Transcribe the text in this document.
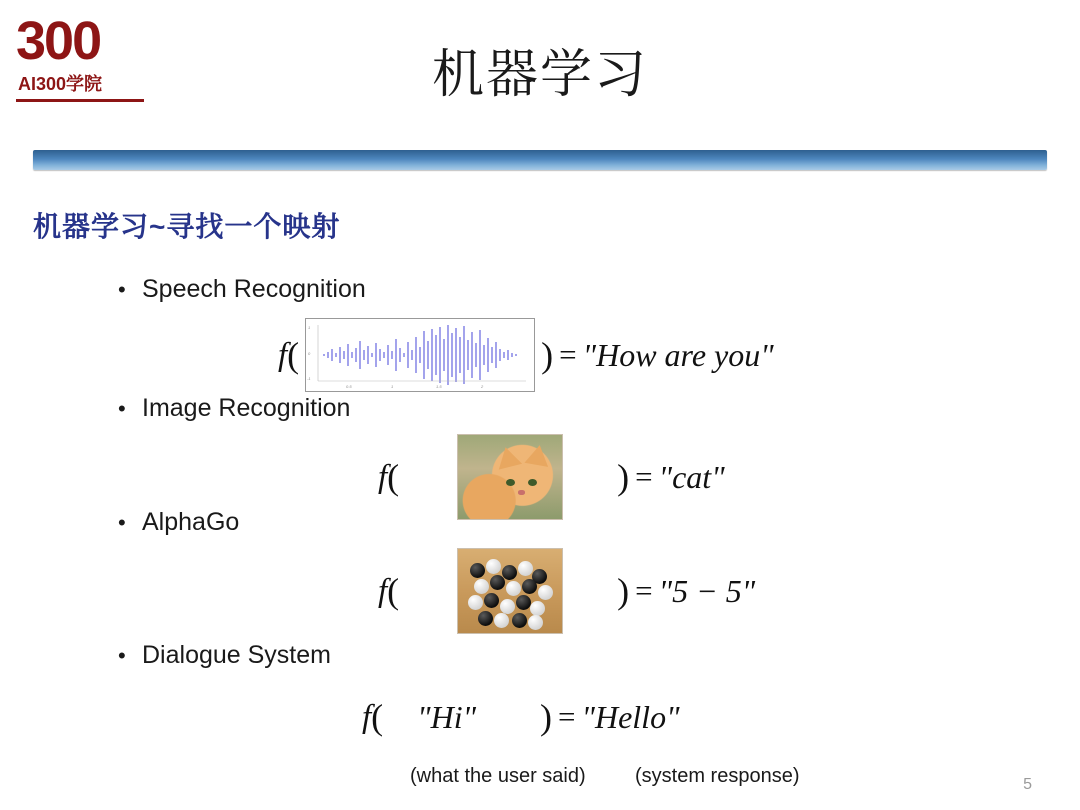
300
AI300学院	机器学习
机器学习~寻找一个映射
• Speech Recognition
f (
0.5	1	1.5	2
1
0
-1
) = "How are you"
• Image Recognition
f (	) = "cat"
• AlphaGo
f (	) = "5 − 5"
• Dialogue System
f ( "Hi" ) = "Hello"
(what the user said) (system response)	5
